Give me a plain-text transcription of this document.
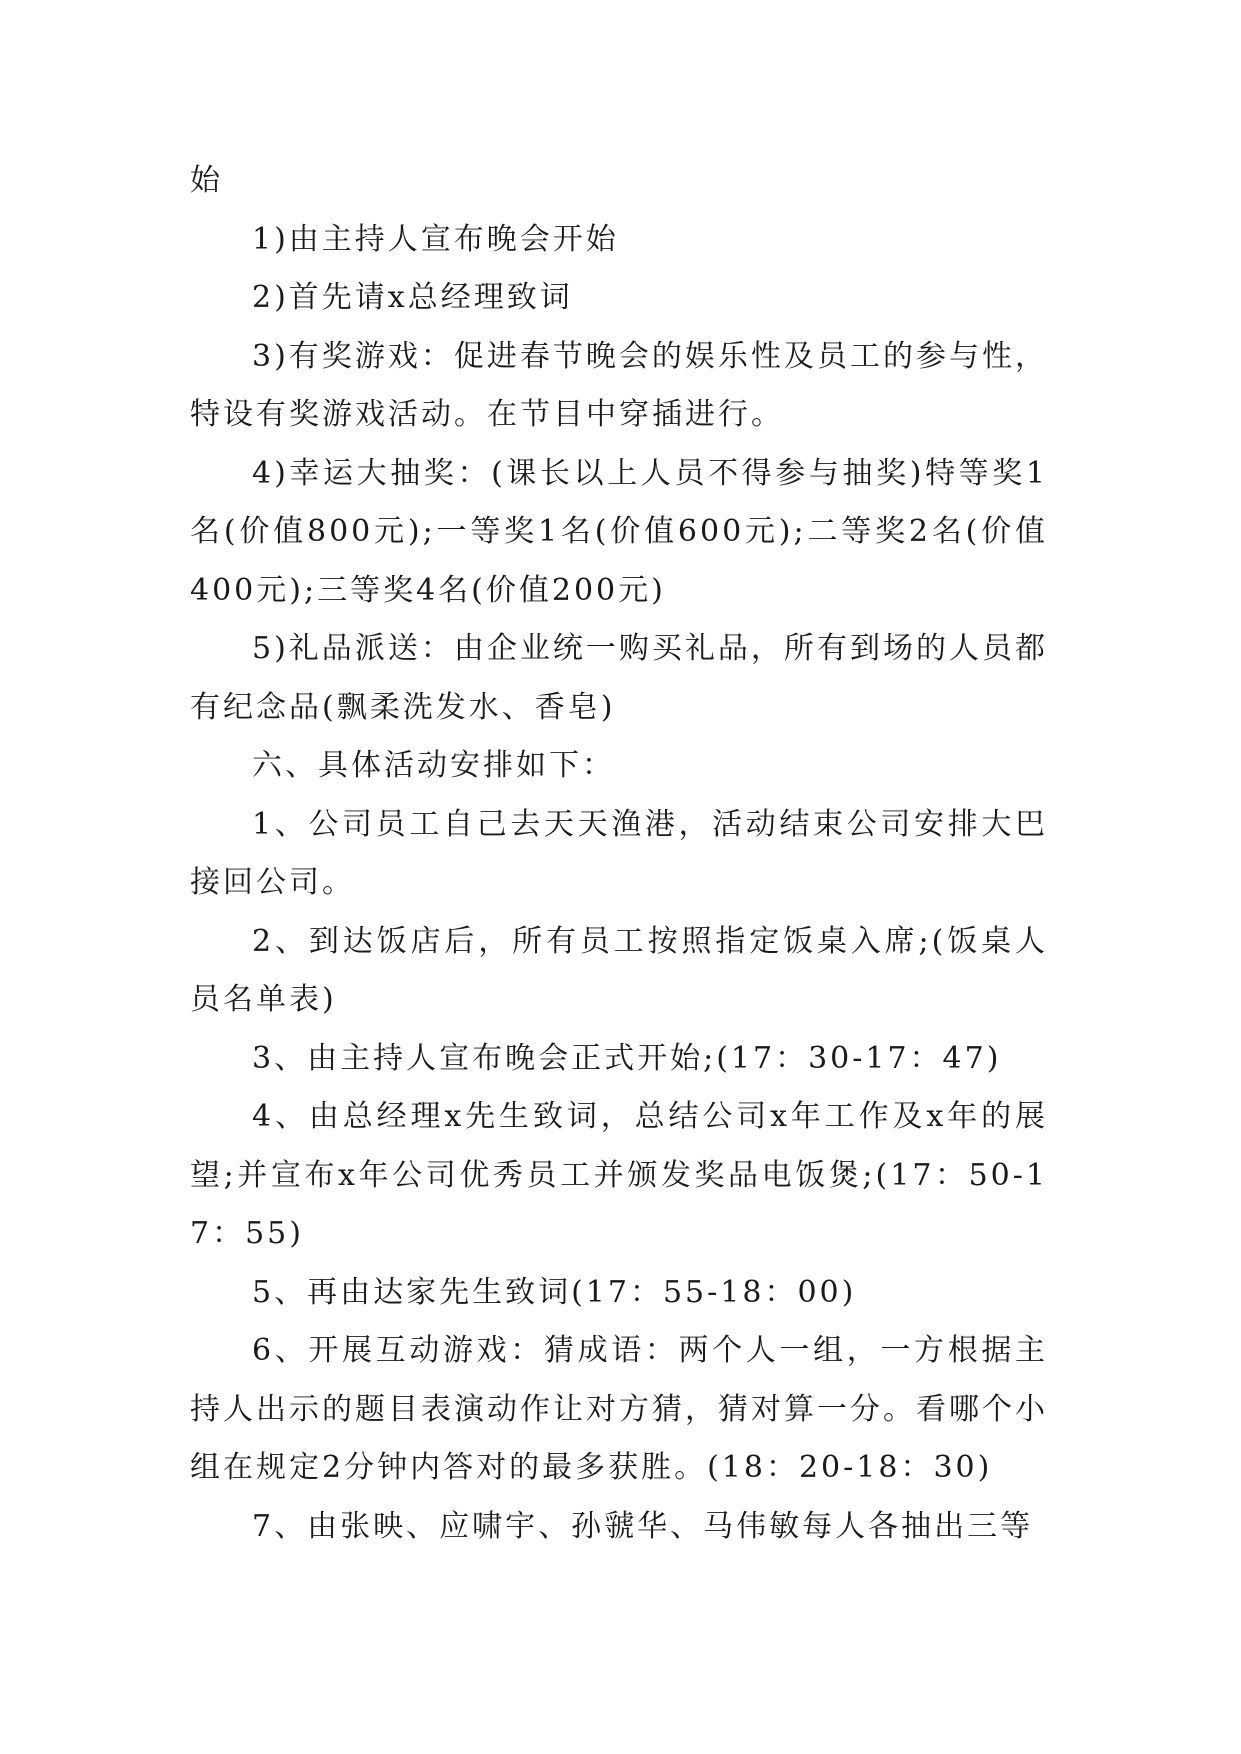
始

1)由主持人宣布晚会开始

2)首先请x总经理致词

3)有奖游戏：促进春节晚会的娱乐性及员工的参与性，特设有奖游戏活动。在节目中穿插进行。

4)幸运大抽奖：(课长以上人员不得参与抽奖)特等奖1名(价值800元);一等奖1名(价值600元);二等奖2名(价值400元);三等奖4名(价值200元)

5)礼品派送：由企业统一购买礼品，所有到场的人员都有纪念品(飘柔洗发水、香皂)

六、具体活动安排如下：

1、公司员工自己去天天渔港，活动结束公司安排大巴接回公司。

2、到达饭店后，所有员工按照指定饭桌入席;(饭桌人员名单表)

3、由主持人宣布晚会正式开始;(17：30-17：47)

4、由总经理x先生致词，总结公司x年工作及x年的展望;并宣布x年公司优秀员工并颁发奖品电饭煲;(17：50-17：55)

5、再由达家先生致词(17：55-18：00)

6、开展互动游戏：猜成语：两个人一组，一方根据主持人出示的题目表演动作让对方猜，猜对算一分。看哪个小组在规定2分钟内答对的最多获胜。(18：20-18：30)

7、由张映、应啸宇、孙虢华、马伟敏每人各抽出三等
